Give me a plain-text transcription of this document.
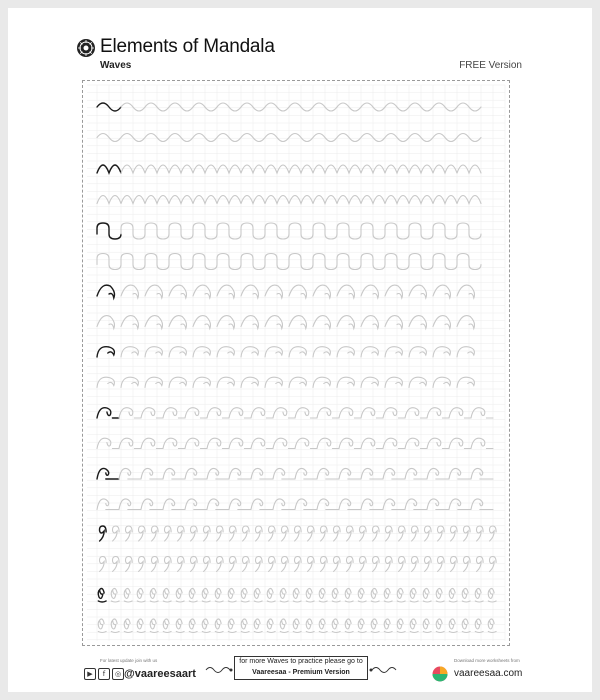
Elements of Mandala
Waves	FREE Version
For latest update join with us
▶	f	◎ @vaareesaart
for more Waves to practice please go to
Vaareesaa - Premium Version
Download more worksheets from
vaareesaa.com
